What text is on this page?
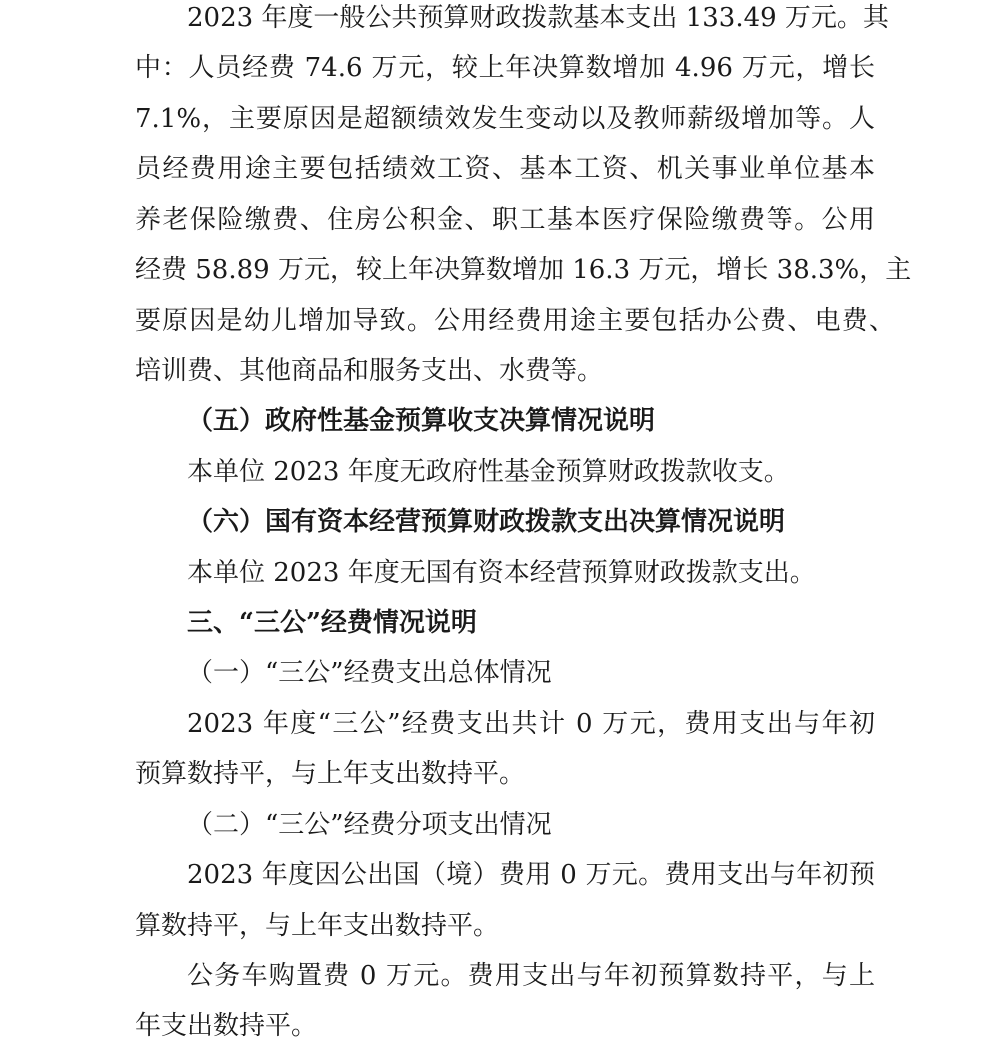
2023 年度一般公共预算财政拨款基本支出 133.49 万元。其
中：人员经费 74.6 万元，较上年决算数增加 4.96 万元，增长
7.1%，主要原因是超额绩效发生变动以及教师薪级增加等。人
员经费用途主要包括绩效工资、基本工资、机关事业单位基本
养老保险缴费、住房公积金、职工基本医疗保险缴费等。公用
经费 58.89 万元，较上年决算数增加 16.3 万元，增长 38.3%，主
要原因是幼儿增加导致。公用经费用途主要包括办公费、电费、
培训费、其他商品和服务支出、水费等。
（五）政府性基金预算收支决算情况说明
本单位 2023 年度无政府性基金预算财政拨款收支。
（六）国有资本经营预算财政拨款支出决算情况说明
本单位 2023 年度无国有资本经营预算财政拨款支出。
三、“三公”经费情况说明
（一）“三公”经费支出总体情况
2023 年度“三公”经费支出共计 0 万元，费用支出与年初
预算数持平，与上年支出数持平。
（二）“三公”经费分项支出情况
2023 年度因公出国（境）费用 0 万元。费用支出与年初预
算数持平，与上年支出数持平。
公务车购置费 0 万元。费用支出与年初预算数持平，与上
年支出数持平。
